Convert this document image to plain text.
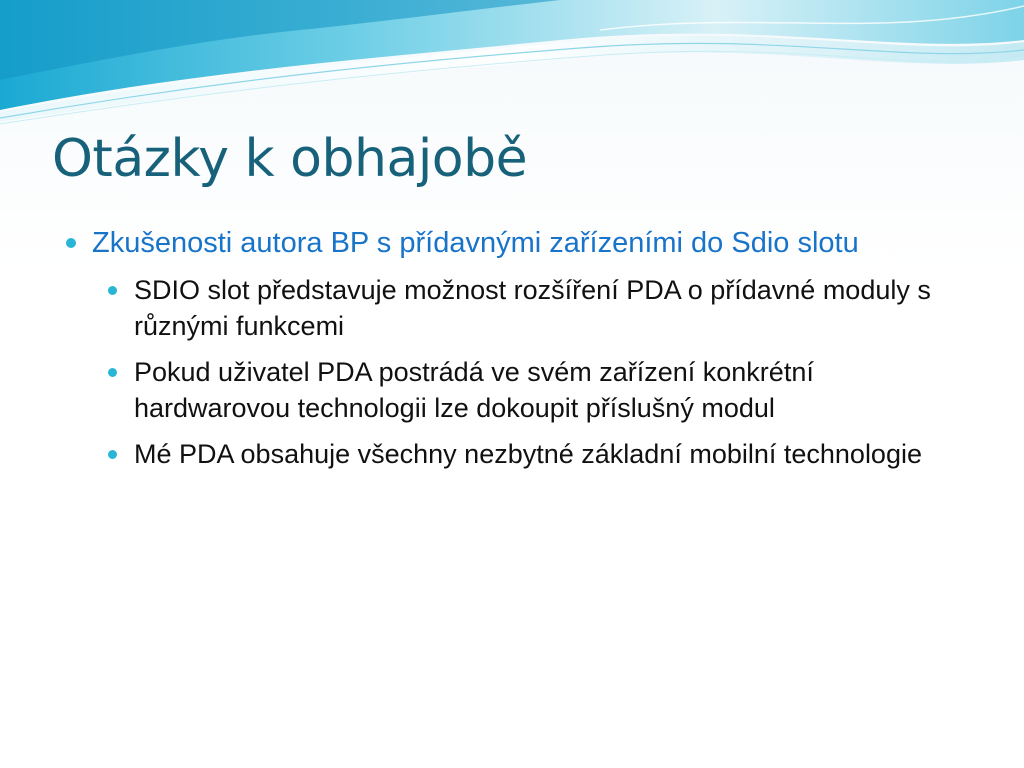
Otázky k obhajobě
Zkušenosti autora BP s přídavnými zařízeními do Sdio slotu
SDIO slot představuje možnost rozšíření PDA o přídavné moduly s různými funkcemi
Pokud uživatel PDA postrádá ve svém zařízení konkrétní hardwarovou technologii lze dokoupit příslušný modul
Mé PDA obsahuje všechny nezbytné základní mobilní technologie
